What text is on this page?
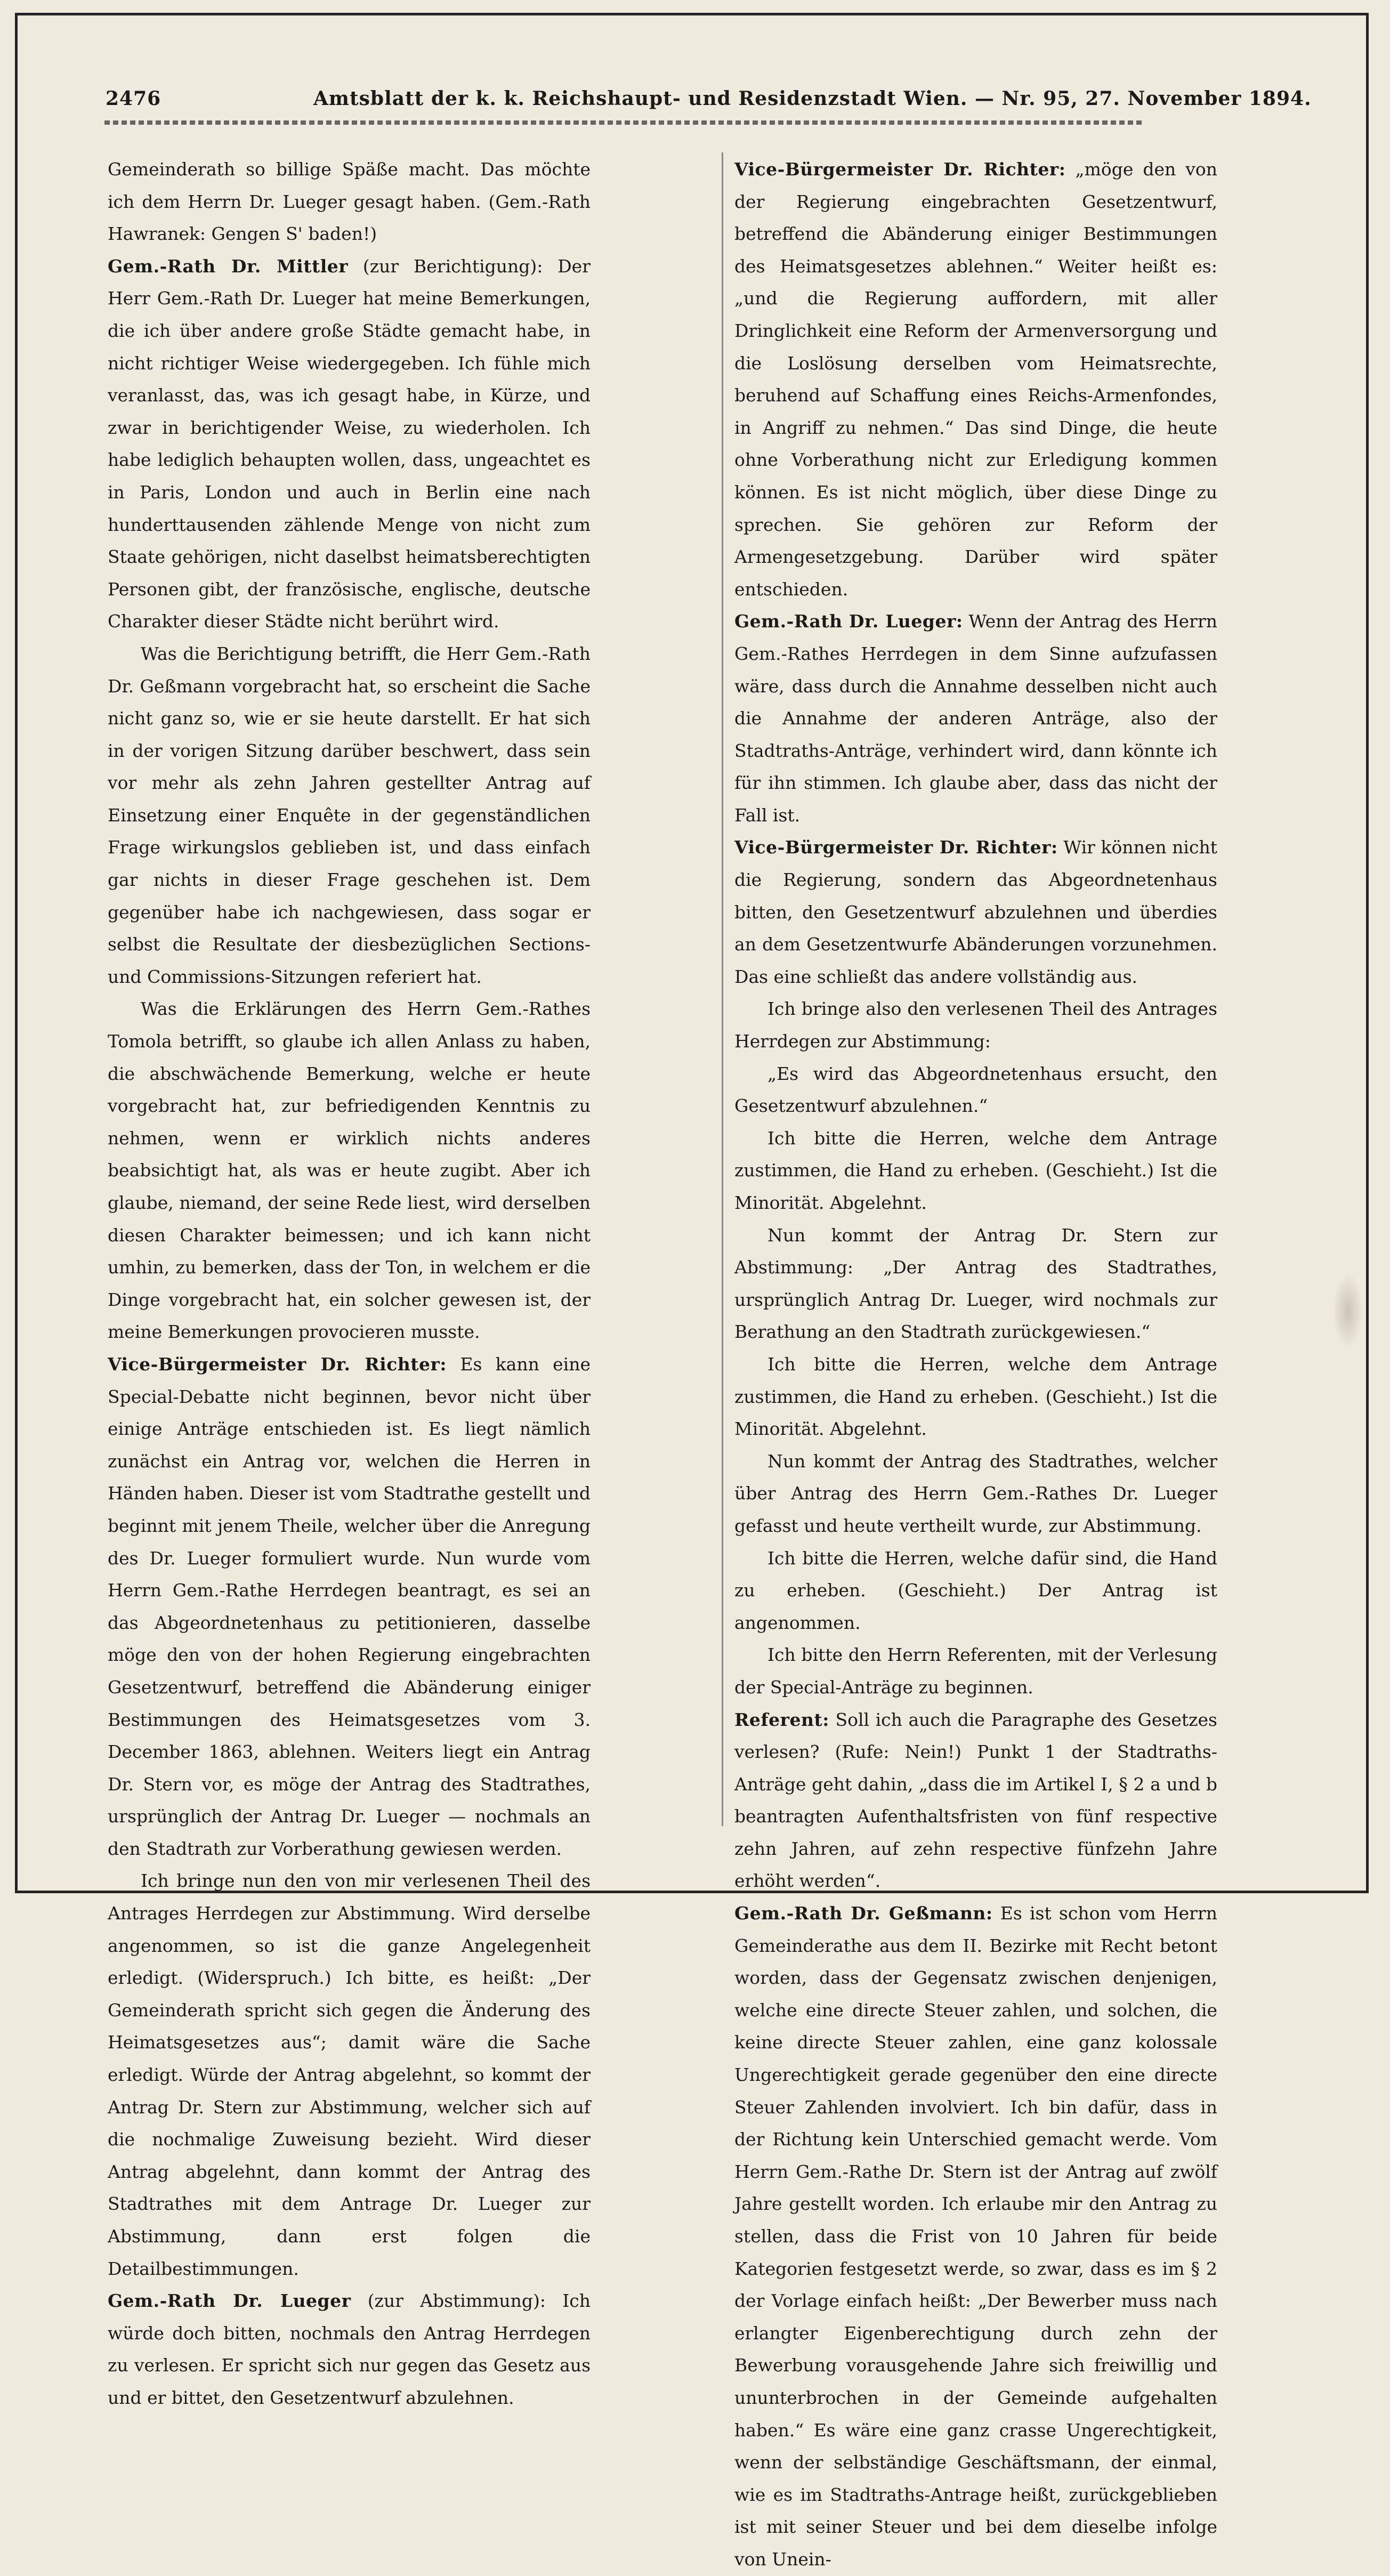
2476	Amtsblatt der k. k. Reichshaupt- und Residenzstadt Wien. — Nr. 95, 27. November 1894.

Gemeinderath so billige Späße macht. Das möchte ich dem Herrn Dr. Lueger gesagt haben. (Gem.-Rath Hawranek: Gengen S' baden!)

Gem.-Rath Dr. Mittler (zur Berichtigung): Der Herr Gem.-Rath Dr. Lueger hat meine Bemerkungen, die ich über andere große Städte gemacht habe, in nicht richtiger Weise wiedergegeben. Ich fühle mich veranlasst, das, was ich gesagt habe, in Kürze, und zwar in berichtigender Weise, zu wiederholen. Ich habe lediglich behaupten wollen, dass, ungeachtet es in Paris, London und auch in Berlin eine nach hunderttausenden zählende Menge von nicht zum Staate gehörigen, nicht daselbst heimatsberechtigten Personen gibt, der französische, englische, deutsche Charakter dieser Städte nicht berührt wird.

Was die Berichtigung betrifft, die Herr Gem.-Rath Dr. Geßmann vorgebracht hat, so erscheint die Sache nicht ganz so, wie er sie heute darstellt. Er hat sich in der vorigen Sitzung darüber beschwert, dass sein vor mehr als zehn Jahren gestellter Antrag auf Einsetzung einer Enquête in der gegenständlichen Frage wirkungslos geblieben ist, und dass einfach gar nichts in dieser Frage geschehen ist. Dem gegenüber habe ich nachgewiesen, dass sogar er selbst die Resultate der diesbezüglichen Sections- und Commissions-Sitzungen referiert hat.

Was die Erklärungen des Herrn Gem.-Rathes Tomola betrifft, so glaube ich allen Anlass zu haben, die abschwächende Bemerkung, welche er heute vorgebracht hat, zur befriedigenden Kenntnis zu nehmen, wenn er wirklich nichts anderes beabsichtigt hat, als was er heute zugibt. Aber ich glaube, niemand, der seine Rede liest, wird derselben diesen Charakter beimessen; und ich kann nicht umhin, zu bemerken, dass der Ton, in welchem er die Dinge vorgebracht hat, ein solcher gewesen ist, der meine Bemerkungen provocieren musste.

Vice-Bürgermeister Dr. Richter: Es kann eine Special-Debatte nicht beginnen, bevor nicht über einige Anträge entschieden ist. Es liegt nämlich zunächst ein Antrag vor, welchen die Herren in Händen haben. Dieser ist vom Stadtrathe gestellt und beginnt mit jenem Theile, welcher über die Anregung des Dr. Lueger formuliert wurde. Nun wurde vom Herrn Gem.-Rathe Herrdegen beantragt, es sei an das Abgeordnetenhaus zu petitionieren, dasselbe möge den von der hohen Regierung eingebrachten Gesetzentwurf, betreffend die Abänderung einiger Bestimmungen des Heimatsgesetzes vom 3. December 1863, ablehnen. Weiters liegt ein Antrag Dr. Stern vor, es möge der Antrag des Stadtrathes, ursprünglich der Antrag Dr. Lueger — nochmals an den Stadtrath zur Vorberathung gewiesen werden.

Ich bringe nun den von mir verlesenen Theil des Antrages Herrdegen zur Abstimmung. Wird derselbe angenommen, so ist die ganze Angelegenheit erledigt. (Widerspruch.) Ich bitte, es heißt: „Der Gemeinderath spricht sich gegen die Änderung des Heimatsgesetzes aus“; damit wäre die Sache erledigt. Würde der Antrag abgelehnt, so kommt der Antrag Dr. Stern zur Abstimmung, welcher sich auf die nochmalige Zuweisung bezieht. Wird dieser Antrag abgelehnt, dann kommt der Antrag des Stadtrathes mit dem Antrage Dr. Lueger zur Abstimmung, dann erst folgen die Detailbestimmungen.

Gem.-Rath Dr. Lueger (zur Abstimmung): Ich würde doch bitten, nochmals den Antrag Herrdegen zu verlesen. Er spricht sich nur gegen das Gesetz aus und er bittet, den Gesetzentwurf abzulehnen.

Vice-Bürgermeister Dr. Richter: „möge den von der Regierung eingebrachten Gesetzentwurf, betreffend die Abänderung einiger Bestimmungen des Heimatsgesetzes ablehnen.“ Weiter heißt es: „und die Regierung auffordern, mit aller Dringlichkeit eine Reform der Armenversorgung und die Loslösung derselben vom Heimatsrechte, beruhend auf Schaffung eines Reichs-Armenfondes, in Angriff zu nehmen.“ Das sind Dinge, die heute ohne Vorberathung nicht zur Erledigung kommen können. Es ist nicht möglich, über diese Dinge zu sprechen. Sie gehören zur Reform der Armengesetzgebung. Darüber wird später entschieden.

Gem.-Rath Dr. Lueger: Wenn der Antrag des Herrn Gem.-Rathes Herrdegen in dem Sinne aufzufassen wäre, dass durch die Annahme desselben nicht auch die Annahme der anderen Anträge, also der Stadtraths-Anträge, verhindert wird, dann könnte ich für ihn stimmen. Ich glaube aber, dass das nicht der Fall ist.

Vice-Bürgermeister Dr. Richter: Wir können nicht die Regierung, sondern das Abgeordnetenhaus bitten, den Gesetzentwurf abzulehnen und überdies an dem Gesetzentwurfe Abänderungen vorzunehmen. Das eine schließt das andere vollständig aus.

Ich bringe also den verlesenen Theil des Antrages Herrdegen zur Abstimmung:

„Es wird das Abgeordnetenhaus ersucht, den Gesetzentwurf abzulehnen.“

Ich bitte die Herren, welche dem Antrage zustimmen, die Hand zu erheben. (Geschieht.) Ist die Minorität. Abgelehnt.

Nun kommt der Antrag Dr. Stern zur Abstimmung: „Der Antrag des Stadtrathes, ursprünglich Antrag Dr. Lueger, wird nochmals zur Berathung an den Stadtrath zurückgewiesen.“

Ich bitte die Herren, welche dem Antrage zustimmen, die Hand zu erheben. (Geschieht.) Ist die Minorität. Abgelehnt.

Nun kommt der Antrag des Stadtrathes, welcher über Antrag des Herrn Gem.-Rathes Dr. Lueger gefasst und heute vertheilt wurde, zur Abstimmung.

Ich bitte die Herren, welche dafür sind, die Hand zu erheben. (Geschieht.) Der Antrag ist angenommen.

Ich bitte den Herrn Referenten, mit der Verlesung der Special-Anträge zu beginnen.

Referent: Soll ich auch die Paragraphe des Gesetzes verlesen? (Rufe: Nein!) Punkt 1 der Stadtraths-Anträge geht dahin, „dass die im Artikel I, § 2 a und b beantragten Aufenthaltsfristen von fünf respective zehn Jahren, auf zehn respective fünfzehn Jahre erhöht werden“.

Gem.-Rath Dr. Geßmann: Es ist schon vom Herrn Gemeinderathe aus dem II. Bezirke mit Recht betont worden, dass der Gegensatz zwischen denjenigen, welche eine directe Steuer zahlen, und solchen, die keine directe Steuer zahlen, eine ganz kolossale Ungerechtigkeit gerade gegenüber den eine directe Steuer Zahlenden involviert. Ich bin dafür, dass in der Richtung kein Unterschied gemacht werde. Vom Herrn Gem.-Rathe Dr. Stern ist der Antrag auf zwölf Jahre gestellt worden. Ich erlaube mir den Antrag zu stellen, dass die Frist von 10 Jahren für beide Kategorien festgesetzt werde, so zwar, dass es im § 2 der Vorlage einfach heißt: „Der Bewerber muss nach erlangter Eigenberechtigung durch zehn der Bewerbung vorausgehende Jahre sich freiwillig und ununterbrochen in der Gemeinde aufgehalten haben.“ Es wäre eine ganz crasse Ungerechtigkeit, wenn der selbständige Geschäftsmann, der einmal, wie es im Stadtraths-Antrage heißt, zurückgeblieben ist mit seiner Steuer und bei dem dieselbe infolge von Unein-
